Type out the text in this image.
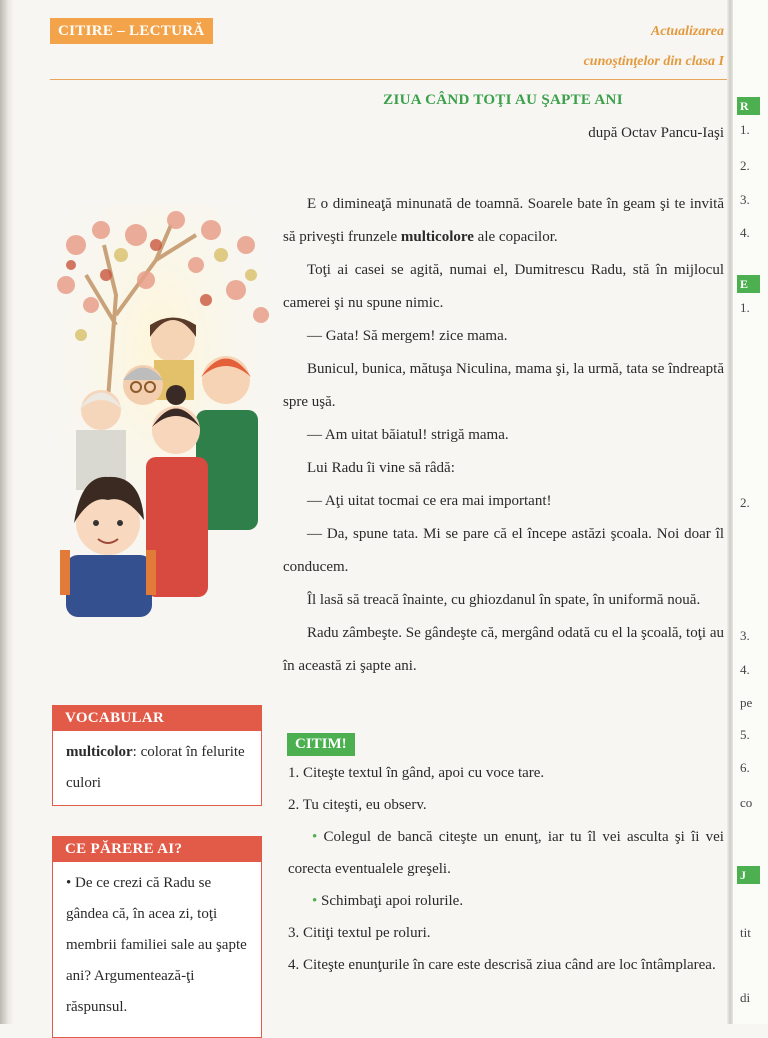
CITIRE – LECTURĂ	Actualizarea
cunoştinţelor din clasa I
ZIUA CÂND TOŢI AU ŞAPTE ANI
după Octav Pancu-Iaşi

E o dimineaţă minunată de toamnă. Soarele bate în geam şi te invită să priveşti frunzele multicolore ale copacilor.

Toţi ai casei se agită, numai el, Dumitrescu Radu, stă în mijlocul camerei şi nu spune nimic.

— Gata! Să mergem! zice mama.

Bunicul, bunica, mătuşa Niculina, mama şi, la urmă, tata se îndreaptă spre uşă.

— Am uitat băiatul! strigă mama.

Lui Radu îi vine să râdă:

— Aţi uitat tocmai ce era mai important!

— Da, spune tata. Mi se pare că el începe astăzi şcoala. Noi doar îl conducem.

Îl lasă să treacă înainte, cu ghiozdanul în spate, în uniformă nouă.

Radu zâmbeşte. Se gândeşte că, mergând odată cu el la şcoală, toţi au în această zi şapte ani.

VOCABULAR
multicolor: colorat în felurite culori
CE PĂRERE AI?
• De ce crezi că Radu se gândea că, în acea zi, toţi membrii familiei sale au şapte ani? Argumentează-ţi răspunsul.
CITIM!

1. Citeşte textul în gând, apoi cu voce tare.

2. Tu citeşti, eu observ.

• Colegul de bancă citeşte un enunţ, iar tu îl vei asculta şi îi vei corecta eventualele greşeli.

• Schimbaţi apoi rolurile.

3. Citiţi textul pe roluri.

4. Citeşte enunţurile în care este descrisă ziua când are loc întâmplarea.

R
1.
2.
3.
4.
E
1.
2.
3.
4.
pe
5.
6.
co
J
tit
di
